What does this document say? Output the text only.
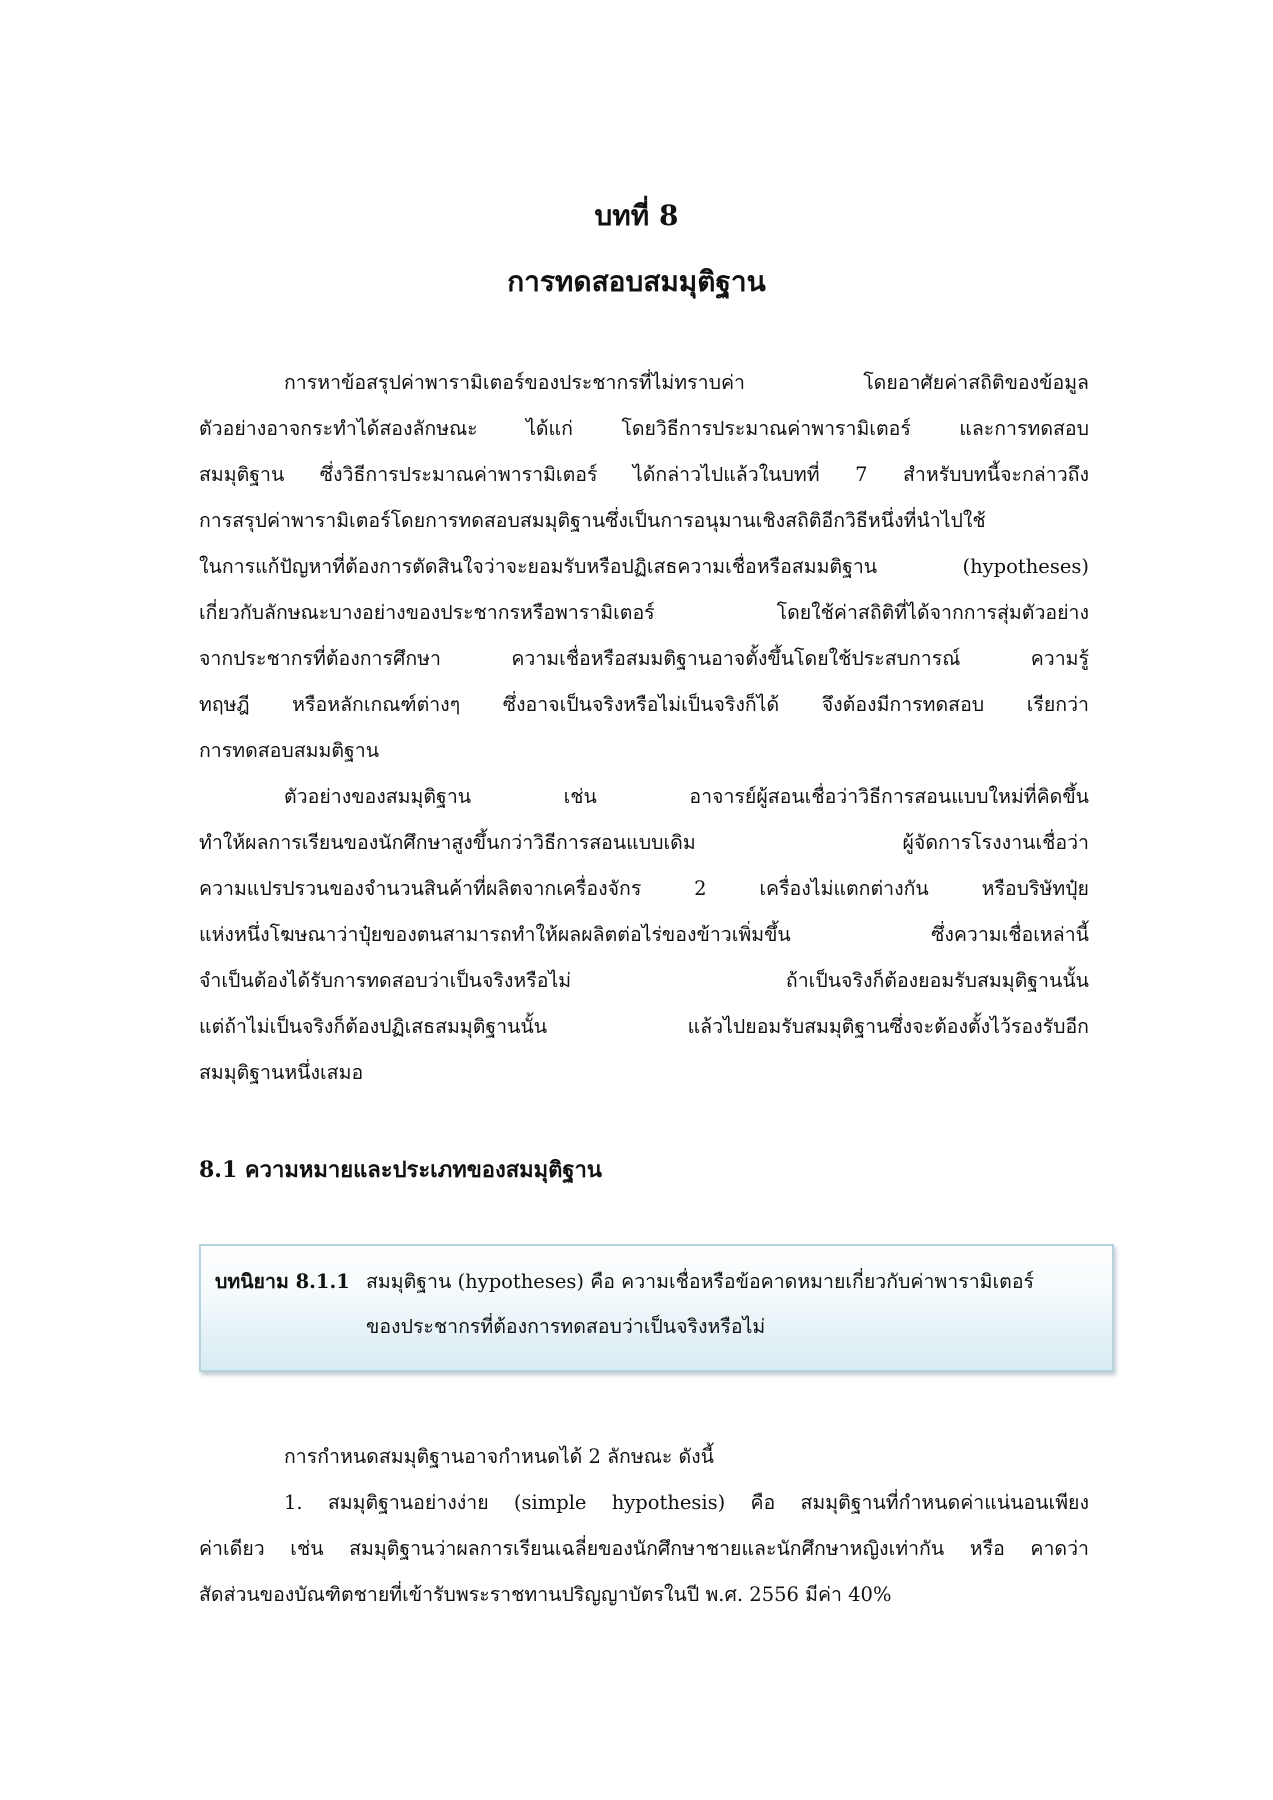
บทที่ 8
การทดสอบสมมุติฐาน
การหาข้อสรุปค่าพารามิเตอร์ของประชากรที่ไม่ทราบค่า โดยอาศัยค่าสถิติของข้อมูล
ตัวอย่างอาจกระทำได้สองลักษณะ ได้แก่ โดยวิธีการประมาณค่าพารามิเตอร์ และการทดสอบ
สมมุติฐาน ซึ่งวิธีการประมาณค่าพารามิเตอร์ ได้กล่าวไปแล้วในบทที่ 7 สำหรับบทนี้จะกล่าวถึง
การสรุปค่าพารามิเตอร์โดยการทดสอบสมมุติฐานซึ่งเป็นการอนุมานเชิงสถิติอีกวิธีหนึ่งที่นำไปใช้
ในการแก้ปัญหาที่ต้องการตัดสินใจว่าจะยอมรับหรือปฏิเสธความเชื่อหรือสมมติฐาน (hypotheses)
เกี่ยวกับลักษณะบางอย่างของประชากรหรือพารามิเตอร์ โดยใช้ค่าสถิติที่ได้จากการสุ่มตัวอย่าง
จากประชากรที่ต้องการศึกษา ความเชื่อหรือสมมติฐานอาจตั้งขึ้นโดยใช้ประสบการณ์ ความรู้
ทฤษฎี หรือหลักเกณฑ์ต่างๆ ซึ่งอาจเป็นจริงหรือไม่เป็นจริงก็ได้ จึงต้องมีการทดสอบ เรียกว่า
การทดสอบสมมติฐาน
ตัวอย่างของสมมุติฐาน เช่น อาจารย์ผู้สอนเชื่อว่าวิธีการสอนแบบใหม่ที่คิดขึ้น
ทำให้ผลการเรียนของนักศึกษาสูงขึ้นกว่าวิธีการสอนแบบเดิม ผู้จัดการโรงงานเชื่อว่า
ความแปรปรวนของจำนวนสินค้าที่ผลิตจากเครื่องจักร 2 เครื่องไม่แตกต่างกัน หรือบริษัทปุ๋ย
แห่งหนึ่งโฆษณาว่าปุ๋ยของตนสามารถทำให้ผลผลิตต่อไร่ของข้าวเพิ่มขึ้น ซึ่งความเชื่อเหล่านี้
จำเป็นต้องได้รับการทดสอบว่าเป็นจริงหรือไม่ ถ้าเป็นจริงก็ต้องยอมรับสมมุติฐานนั้น
แต่ถ้าไม่เป็นจริงก็ต้องปฏิเสธสมมุติฐานนั้น แล้วไปยอมรับสมมุติฐานซึ่งจะต้องตั้งไว้รองรับอีก
สมมุติฐานหนึ่งเสมอ
8.1 ความหมายและประเภทของสมมุติฐาน
บทนิยาม 8.1.1 สมมุติฐาน (hypotheses) คือ ความเชื่อหรือข้อคาดหมายเกี่ยวกับค่าพารามิเตอร์
ของประชากรที่ต้องการทดสอบว่าเป็นจริงหรือไม่
การกำหนดสมมุติฐานอาจกำหนดได้ 2 ลักษณะ ดังนี้
1. สมมุติฐานอย่างง่าย (simple hypothesis) คือ สมมุติฐานที่กำหนดค่าแน่นอนเพียง
ค่าเดียว เช่น สมมุติฐานว่าผลการเรียนเฉลี่ยของนักศึกษาชายและนักศึกษาหญิงเท่ากัน หรือ คาดว่า
สัดส่วนของบัณฑิตชายที่เข้ารับพระราชทานปริญญาบัตรในปี พ.ศ. 2556 มีค่า 40%
